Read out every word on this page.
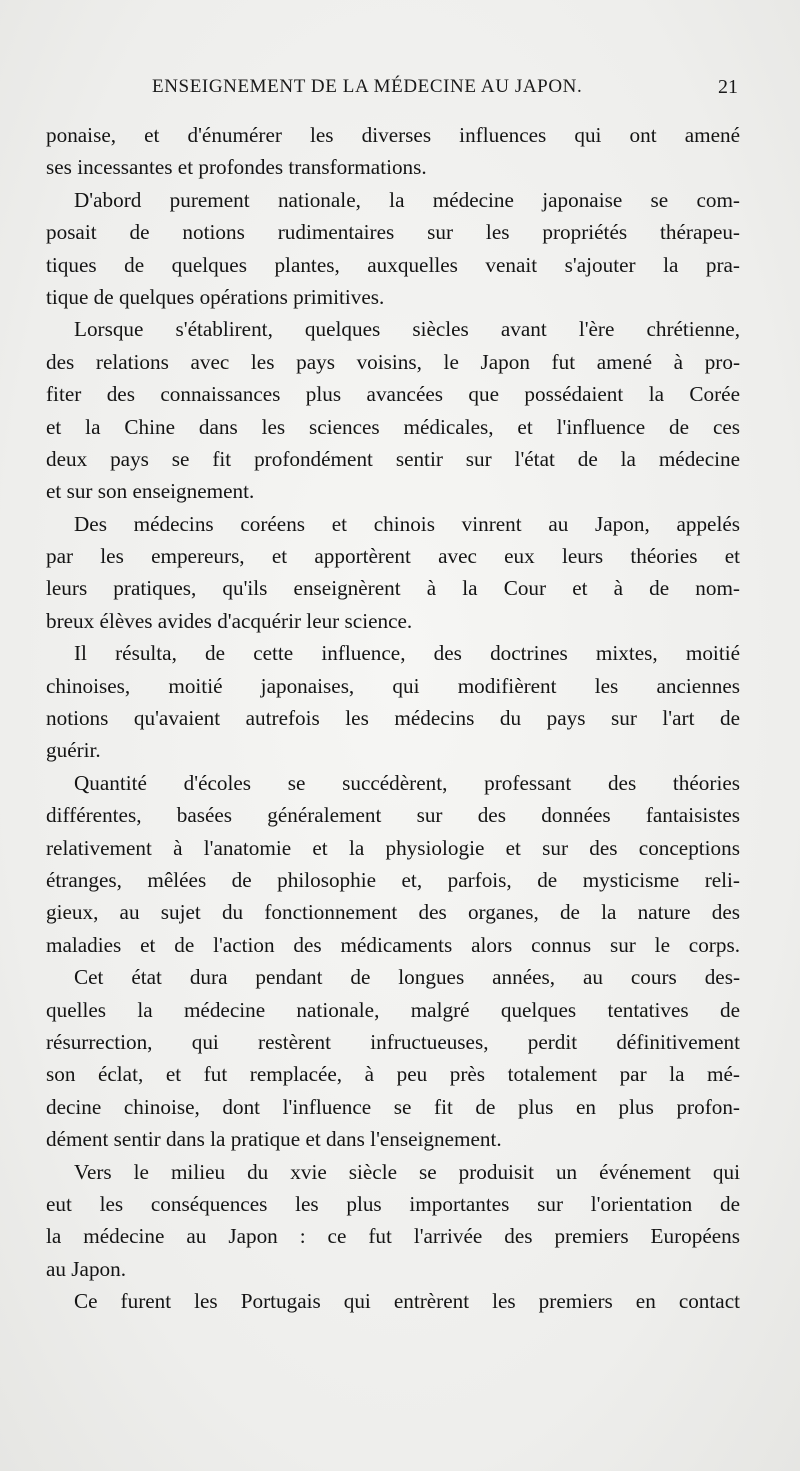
ENSEIGNEMENT DE LA MÉDECINE AU JAPON.	21
ponaise, et d'énumérer les diverses influences qui ont amené
ses incessantes et profondes transformations.
D'abord purement nationale, la médecine japonaise se com-
posait de notions rudimentaires sur les propriétés thérapeu-
tiques de quelques plantes, auxquelles venait s'ajouter la pra-
tique de quelques opérations primitives.
Lorsque s'établirent, quelques siècles avant l'ère chrétienne,
des relations avec les pays voisins, le Japon fut amené à pro-
fiter des connaissances plus avancées que possédaient la Corée
et la Chine dans les sciences médicales, et l'influence de ces
deux pays se fit profondément sentir sur l'état de la médecine
et sur son enseignement.
Des médecins coréens et chinois vinrent au Japon, appelés
par les empereurs, et apportèrent avec eux leurs théories et
leurs pratiques, qu'ils enseignèrent à la Cour et à de nom-
breux élèves avides d'acquérir leur science.
Il résulta, de cette influence, des doctrines mixtes, moitié
chinoises, moitié japonaises, qui modifièrent les anciennes
notions qu'avaient autrefois les médecins du pays sur l'art de
guérir.
Quantité d'écoles se succédèrent, professant des théories
différentes, basées généralement sur des données fantaisistes
relativement à l'anatomie et la physiologie et sur des conceptions
étranges, mêlées de philosophie et, parfois, de mysticisme reli-
gieux, au sujet du fonctionnement des organes, de la nature des
maladies et de l'action des médicaments alors connus sur le corps.
Cet état dura pendant de longues années, au cours des-
quelles la médecine nationale, malgré quelques tentatives de
résurrection, qui restèrent infructueuses, perdit définitivement
son éclat, et fut remplacée, à peu près totalement par la mé-
decine chinoise, dont l'influence se fit de plus en plus profon-
dément sentir dans la pratique et dans l'enseignement.
Vers le milieu du xvie siècle se produisit un événement qui
eut les conséquences les plus importantes sur l'orientation de
la médecine au Japon : ce fut l'arrivée des premiers Européens
au Japon.
Ce furent les Portugais qui entrèrent les premiers en contact
